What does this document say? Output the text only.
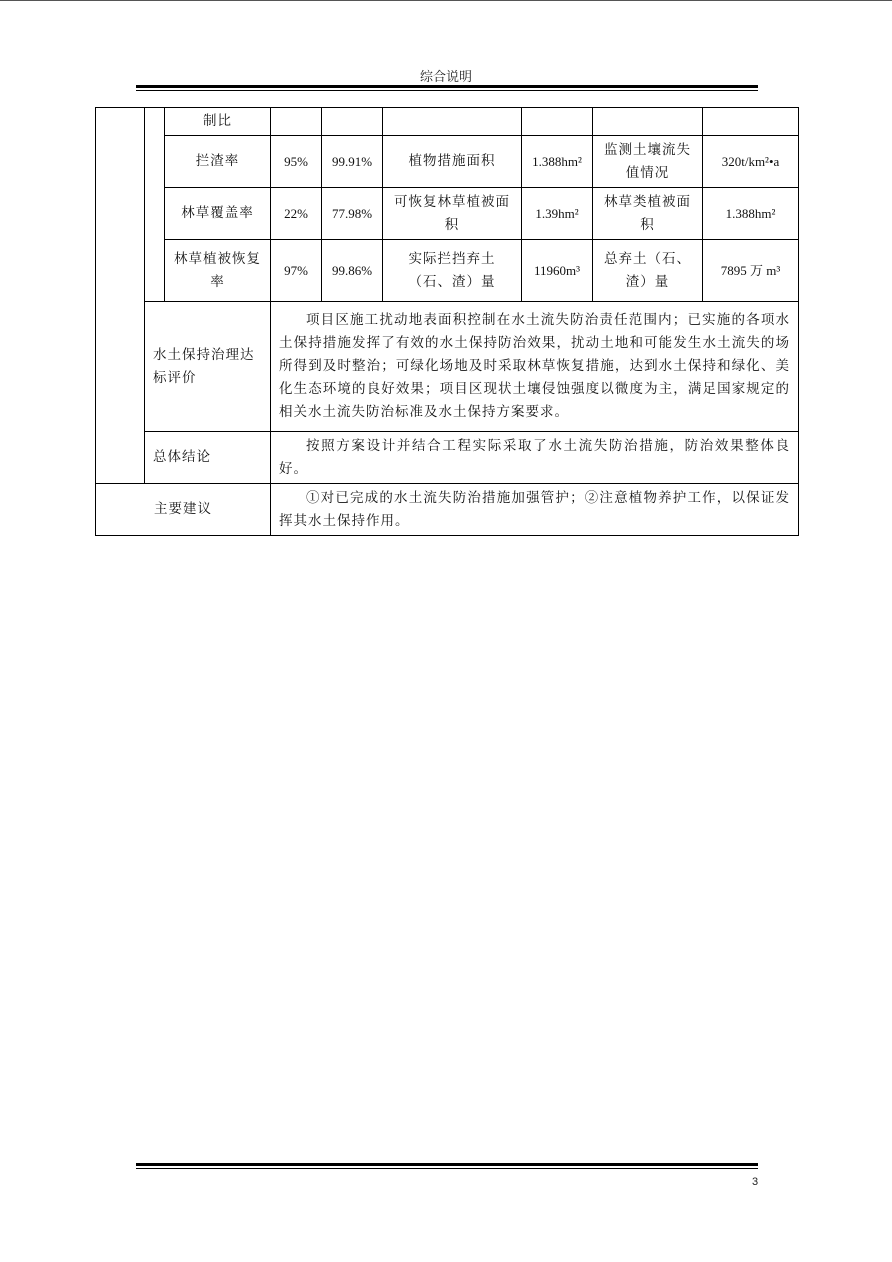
综合说明
		制比						
		拦渣率	95%	99.91%	植物措施面积	1.388hm²	监测土壤流失值情况	320t/km²•a
		林草覆盖率	22%	77.98%	可恢复林草植被面积	1.39hm²	林草类植被面积	1.388hm²
		林草植被恢复率	97%	99.86%	实际拦挡弃土（石、渣）量	11960m³	总弃土（石、渣）量	7895 万 m³
	水土保持治理达标评价		项目区施工扰动地表面积控制在水土流失防治责任范围内；已实施的各项水土保持措施发挥了有效的水土保持防治效果，扰动土地和可能发生水土流失的场所得到及时整治；可绿化场地及时采取林草恢复措施，达到水土保持和绿化、美化生态环境的良好效果；项目区现状土壤侵蚀强度以微度为主，满足国家规定的相关水土流失防治标准及水土保持方案要求。					
	总体结论		按照方案设计并结合工程实际采取了水土流失防治措施，防治效果整体良好。					
主要建议			①对已完成的水土流失防治措施加强管护；②注意植物养护工作，以保证发挥其水土保持作用。					
3
